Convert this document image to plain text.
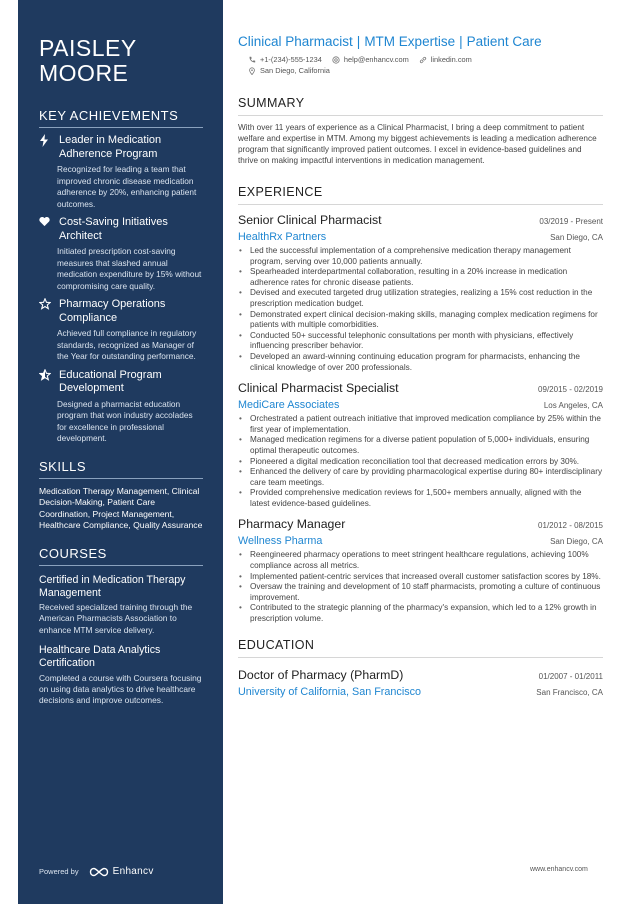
PAISLEY
MOORE
KEY ACHIEVEMENTS
Leader in Medication Adherence Program
Recognized for leading a team that improved chronic disease medication adherence by 20%, enhancing patient outcomes.
Cost-Saving Initiatives Architect
Initiated prescription cost-saving measures that slashed annual medication expenditure by 15% without compromising care quality.
Pharmacy Operations Compliance
Achieved full compliance in regulatory standards, recognized as Manager of the Year for outstanding performance.
Educational Program Development
Designed a pharmacist education program that won industry accolades for excellence in professional development.
SKILLS
Medication Therapy Management, Clinical Decision-Making, Patient Care Coordination, Project Management, Healthcare Compliance, Quality Assurance
COURSES
Certified in Medication Therapy Management
Received specialized training through the American Pharmacists Association to enhance MTM service delivery.
Healthcare Data Analytics Certification
Completed a course with Coursera focusing on using data analytics to drive healthcare decisions and improve outcomes.
Powered by	Enhancv
Clinical Pharmacist | MTM Expertise | Patient Care
+1-(234)-555-1234	help@enhancv.com	linkedin.com
San Diego, California
SUMMARY

With over 11 years of experience as a Clinical Pharmacist, I bring a deep commitment to patient welfare and expertise in MTM. Among my biggest achievements is leading a medication adherence program that significantly improved patient outcomes. I excel in evidence-based guidelines and thrive on making impactful interventions in medication management.

EXPERIENCE
Senior Clinical Pharmacist	03/2019 - Present
HealthRx Partners	San Diego, CA
• Led the successful implementation of a comprehensive medication therapy management program, serving over 10,000 patients annually.
• Spearheaded interdepartmental collaboration, resulting in a 20% increase in medication adherence rates for chronic disease patients.
• Devised and executed targeted drug utilization strategies, realizing a 15% cost reduction in the prescription medication budget.
• Demonstrated expert clinical decision-making skills, managing complex medication regimens for patients with multiple comorbidities.
• Conducted 50+ successful telephonic consultations per month with physicians, effectively influencing prescriber behavior.
• Developed an award-winning continuing education program for pharmacists, enhancing the clinical knowledge of over 200 professionals.
Clinical Pharmacist Specialist	09/2015 - 02/2019
MediCare Associates	Los Angeles, CA
• Orchestrated a patient outreach initiative that improved medication compliance by 25% within the first year of implementation.
• Managed medication regimens for a diverse patient population of 5,000+ individuals, ensuring optimal therapeutic outcomes.
• Pioneered a digital medication reconciliation tool that decreased medication errors by 30%.
• Enhanced the delivery of care by providing pharmacological expertise during 80+ interdisciplinary care team meetings.
• Provided comprehensive medication reviews for 1,500+ members annually, aligned with the latest evidence-based guidelines.
Pharmacy Manager	01/2012 - 08/2015
Wellness Pharma	San Diego, CA
• Reengineered pharmacy operations to meet stringent healthcare regulations, achieving 100% compliance across all metrics.
• Implemented patient-centric services that increased overall customer satisfaction scores by 18%.
• Oversaw the training and development of 10 staff pharmacists, promoting a culture of continuous improvement.
• Contributed to the strategic planning of the pharmacy's expansion, which led to a 12% growth in prescription volume.
EDUCATION
Doctor of Pharmacy (PharmD)	01/2007 - 01/2011
University of California, San Francisco	San Francisco, CA
www.enhancv.com
